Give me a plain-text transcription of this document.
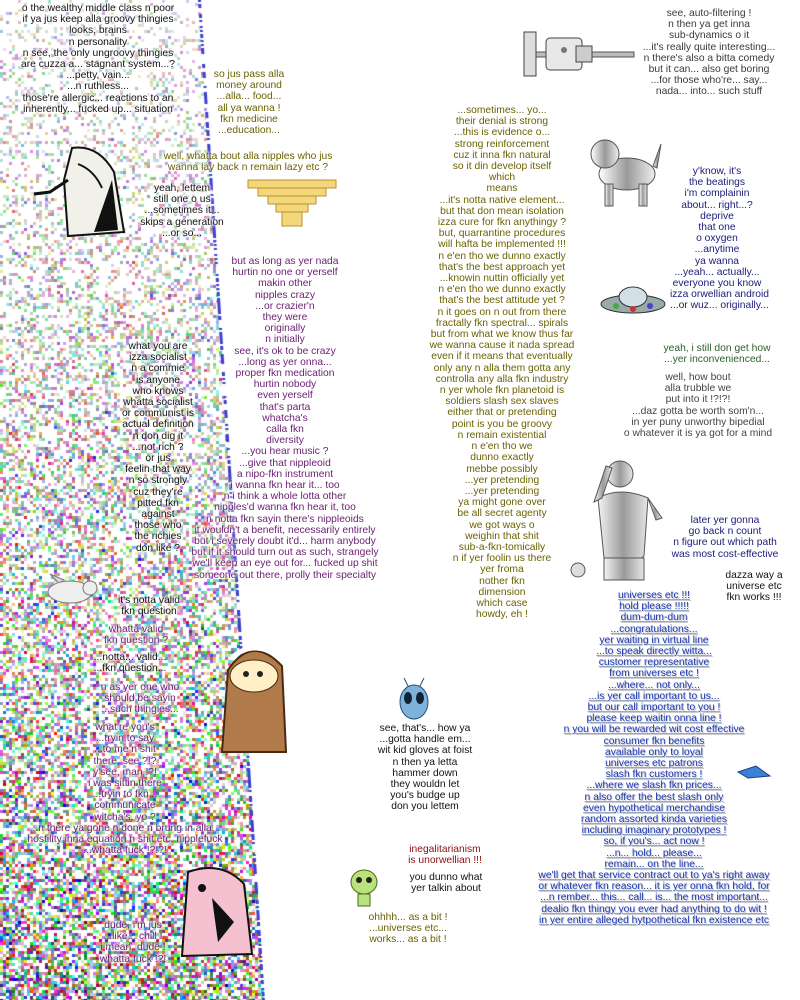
o the wealthy middle class n poor
if ya jus keep alla groovy thingies
looks, brains
n personality
n see, the only ungroovy thingies
are cuzza a... stagnant system...?
...petty, vain...
...n ruthless...
those're allergic... reactions to an
inherently... fucked up... situation
so jus pass alla
money around
...alla... food...
all ya wanna !
fkn medicine
...education...
well, whatta bout alla nipples who jus
wanna lay back n remain lazy etc ?
yeah, lettem
still one o us
...sometimes it...
skips a generation
...or so...
but as long as yer nada
hurtin no one or yerself
makin other
nipples crazy
...or crazier'n
they were
originally
n initially
see, it's ok to be crazy
...long as yer onna...
proper fkn medication
hurtin nobody
even yerself
that's parta
whatcha's
calla fkn
diversity
...you hear music ?
...give that nippleoid
a nipo-fkn instrument
i wanna fkn hear it... too
n i think a whole lotta other
nipples'd wanna fkn hear it, too
n notta fkn sayin there's nippleoids
it wouldn't a benefit, necessarily entirely
but i severely doubt it'd... harm anybody
but if it should turn out as such, strangely
we'll keep an eye out for... fucked up shit
someone out there, prolly their specialty
what you are
izza socialist
n a commie
is anyone
who knows
whatta socialist
or communist is
actual definition
n don dig it
...not rich ?
or jus
feelin that way
n so strongly
cuz they're
pitted fkn
against
those who
the richies
don like ?
it's notta valid
fkn question
whatta valid
fkn question ?
...notta... valid...
...fkn question...
n as yer one who
should be sayin
...such thingies...
what're you's
...tryin to say
...to me n shit
there, see ?!?
y'see, man !?!
i was sittin there
...tryin to fkn...
communicate
witcha's, yo ?
...n there ya gone n done n brung in alla...
hostility inna equation n shit etc. nipplefuck
...whatta fuck !?!?!
dude, i'm jus
...like... chill !
i mean, dude !
whatta fuck !?!
see, auto-filtering !
n then ya get inna
sub-dynamics o it
...it's really quite interesting...
n there's also a bitta comedy
but it can... also get boring
...for those who're... say...
nada... into... such stuff
...sometimes... yo...
their denial is strong
...this is evidence o...
strong reinforcement
cuz it inna fkn natural
so it din develop itself
which
means
...it's notta native element...
but that don mean isolation
izza cure for fkn anythingy ?
but, quarrantine procedures
will hafta be implemented !!!
n e'en tho we dunno exactly
that's the best approach yet
...knowin nuttin officially yet
n e'en tho we dunno exactly
that's the best attitude yet ?
n it goes on n out from there
fractally fkn spectral... spirals
but from what we know thus far
we wanna cause it nada spread
even if it means that eventually
only any n alla them gotta any
controlla any alla fkn industry
n yer whole fkn planetoid is
soldiers slash sex slaves
either that or pretending
point is you be groovy
n remain existential
n e'en tho we
dunno exactly
mebbe possibly
...yer pretending
...yer pretending
ya might gone over
be all secret agenty
we got ways o
weighin that shit
sub-a-fkn-tomically
n if yer foolin us there
yer froma
nother fkn
dimension
which case
howdy, eh !
y'know, it's
the beatings
i'm complainin
about... right...?
deprive
that one
o oxygen
...anytime
ya wanna
...yeah... actually...
everyone you know
izza orwellian android
...or wuz... originally...
yeah, i still don get how
...yer inconvenienced...
well, how bout
alla trubble we
put into it !?!?!
...daz gotta be worth som'n...
in yer puny unworthy bipedial
o whatever it is ya got for a mind
later yer gonna
go back n count
n figure out which path
was most cost-effective
dazza way a
universe etc
fkn works !!!
see, that's... how ya
...gotta handle em...
wit kid gloves at foist
n then ya letta
hammer down
they wouldn let
you's budge up
don you lettem
inegalitarianism
is unorwellian !!!
you dunno what
yer talkin about
ohhhh... as a bit !
...universes etc...
works... as a bit !
universes etc !!!
hold please !!!!!
dum-dum-dum
...congratulations...
yer waiting in virtual line
...to speak directly witta...
customer representative
from universes etc !
...where... not only...
...is yer call important to us...
but our call important to you !
please keep waitin onna line !
n you will be rewarded wit cost effective
consumer fkn benefits
available only to loyal
universes etc patrons
slash fkn customers !
...where we slash fkn prices...
n also offer the best slash only
even hypothetical merchandise
random assorted kinda varieties
including imaginary prototypes !
so, if you's... act now !
...n... hold... please...
remain... on the line...
we'll get that service contract out to ya's right away
or whatever fkn reason... it is yer onna fkn hold, for
...n rember... this... call... is... the most important...
dealio fkn thingy you ever had anything to do wit !
in yer entire alleged hytpothetical fkn existence etc
